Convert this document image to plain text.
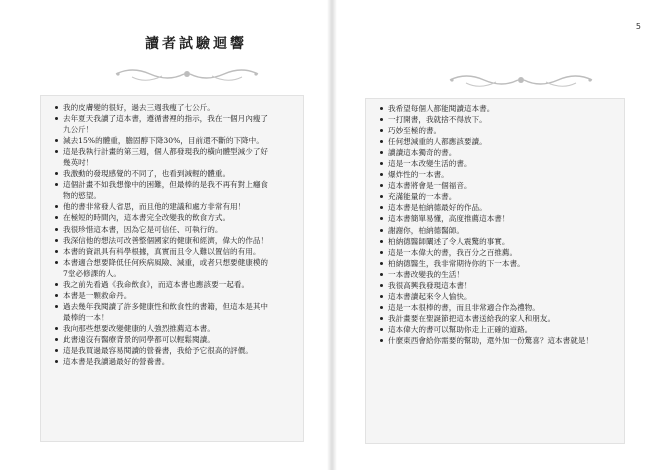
讀者試驗迴響
5
我的皮膚變的很好，過去三週我瘦了七公斤。
去年夏天我讀了這本書，遵循書裡的指示，我在一個月內瘦了
九公斤！
減去15%的體重，膽固醇下降30%，目前還不斷的下降中。
這是我執行計畫的第三週，個人都發現我的橫向體型減少了好
幾英吋！
我激動的發現感覺的不同了，也看到減輕的體重。
這個計畫不如我想像中的困難，但最棒的是我不再有對上癮食
物的慾望。
他的書非常發人省思，而且他的建議和處方非常有用！
在極短的時間內，這本書完全改變我的飲食方式。
我很珍惜這本書，因為它是可信任、可執行的。
我深信他的想法可改善整個國家的健康和經濟，偉大的作品！
本書的資訊具有科學根據，真實而且令人難以置信的有用。
本書適合想要降低任何疾病風險、減重，或者只想要健康模的
7堂必修課的人。
我之前先看過《我命飲食》，而這本書也應該要一起看。
本書是一顆救命丹。
過去幾年我閱讀了許多健康性和飲食性的書籍，但這本是其中
最棒的一本！
我向那些想要改變健康的人強烈推薦這本書。
此書遠沒有醫療背景的同學都可以輕鬆閱讀。
這是我買過最容易閱讀的營養書，我給予它很高的評價。
這本書是我讀過最好的營養書。
我希望每個人都能閱讀這本書。
一打開書，我就捨不得放下。
巧妙至極的書。
任何想減重的人都應該要讀。
讀讀這本獨奇的書。
這是一本改變生活的書。
爆炸性的一本書。
這本書將會是一個福音。
充滿能量的一本書。
這本書是柏納德最好的作品。
這本書簡單易懂，高度推薦這本書！
謝謝你，柏納德醫師。
柏納德醫師闡述了令人震驚的事實。
這是一本偉大的書，我百分之百推薦。
柏納德醫生，我非常期待你的下一本書。
一本書改變我的生活！
我很高興我發現這本書！
這本書讀起來令人愉快。
這是一本很棒的書，而且非常適合作為禮物。
我計畫要在聖誕節把這本書送給我的家人和朋友。
這本偉大的書可以幫助你走上正確的道路。
什麼東西會給你需要的幫助，還外加一份驚喜？這本書就是！
